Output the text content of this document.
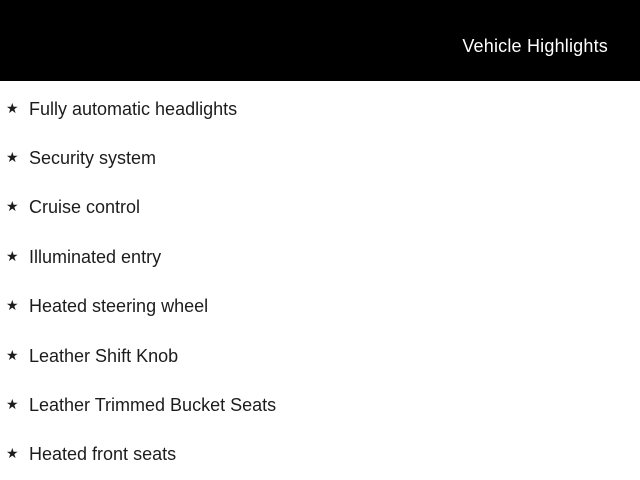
Vehicle Highlights
★ Fully automatic headlights
★ Security system
★ Cruise control
★ Illuminated entry
★ Heated steering wheel
★ Leather Shift Knob
★ Leather Trimmed Bucket Seats
★ Heated front seats
